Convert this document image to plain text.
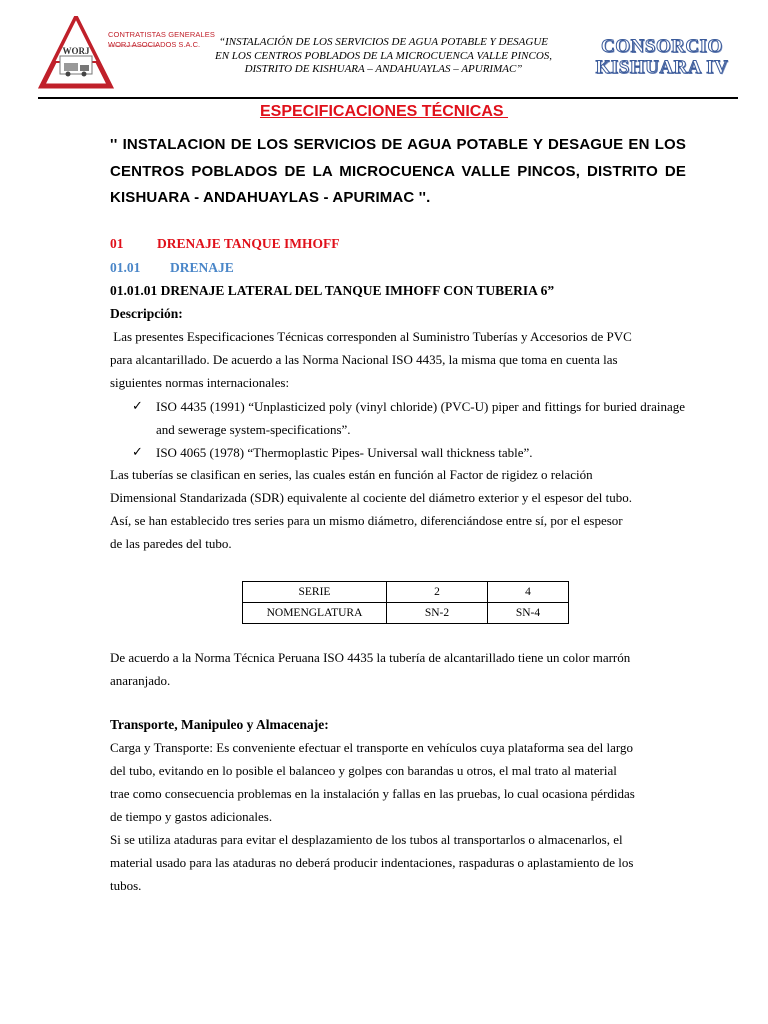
WORJ
CONSTRUCTORA EL MEJOR
CONTRATISTAS GENERALES
WORJ ASOCIADOS S.A.C.	“INSTALACIÓN DE LOS SERVICIOS DE AGUA POTABLE Y DESAGUE
EN LOS CENTROS POBLADOS DE LA MICROCUENCA VALLE PINCOS,
DISTRITO DE KISHUARA – ANDAHUAYLAS – APURIMAC”
CONSORCIO
KISHUARA IV
ESPECIFICACIONES TÉCNICAS
'' INSTALACION DE LOS SERVICIOS DE AGUA POTABLE Y DESAGUE EN LOS CENTROS POBLADOS DE LA MICROCUENCA VALLE PINCOS, DISTRITO DE KISHUARA - ANDAHUAYLAS - APURIMAC ''.
01 DRENAJE TANQUE IMHOFF
01.01 DRENAJE
01.01.01 DRENAJE LATERAL DEL TANQUE IMHOFF CON TUBERIA 6”
Descripción:

Las presentes Especificaciones Técnicas corresponden al Suministro Tuberías y Accesorios de PVC

para alcantarillado. De acuerdo a las Norma Nacional ISO 4435, la misma que toma en cuenta las

siguientes normas internacionales:

✓ ISO 4435 (1991) “Unplasticized poly (vinyl chloride) (PVC-U) piper and fittings for buried drainage and sewerage system-specifications”.
✓ ISO 4065 (1978) “Thermoplastic Pipes- Universal wall thickness table”.

Las tuberías se clasifican en series, las cuales están en función al Factor de rigidez o relación

Dimensional Standarizada (SDR) equivalente al cociente del diámetro exterior y el espesor del tubo.

Así, se han establecido tres series para un mismo diámetro, diferenciándose entre sí, por el espesor

de las paredes del tubo.

SERIE	2	4
NOMENGLATURA	SN-2	SN-4

De acuerdo a la Norma Técnica Peruana ISO 4435 la tubería de alcantarillado tiene un color marrón

anaranjado.

Transporte, Manipuleo y Almacenaje:

Carga y Transporte: Es conveniente efectuar el transporte en vehículos cuya plataforma sea del largo

del tubo, evitando en lo posible el balanceo y golpes con barandas u otros, el mal trato al material

trae como consecuencia problemas en la instalación y fallas en las pruebas, lo cual ocasiona pérdidas

de tiempo y gastos adicionales.

Si se utiliza ataduras para evitar el desplazamiento de los tubos al transportarlos o almacenarlos, el

material usado para las ataduras no deberá producir indentaciones, raspaduras o aplastamiento de los

tubos.
